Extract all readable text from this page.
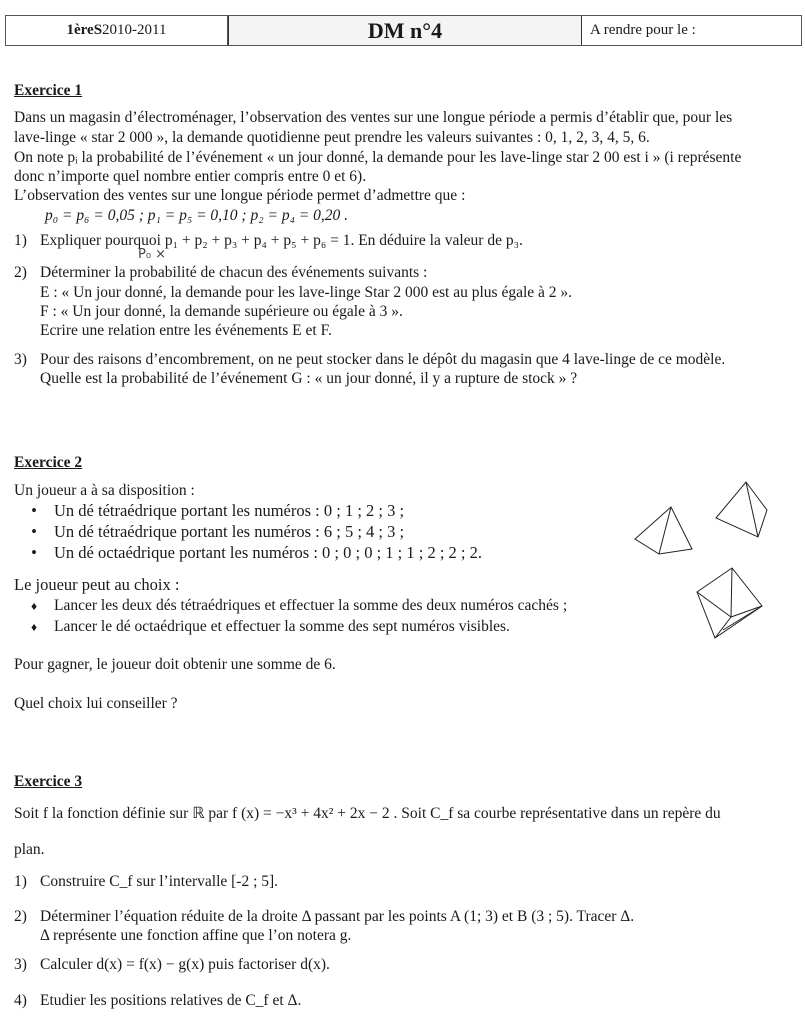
1èreS 2010-2011	DM n°4	A rendre pour le :
Exercice 1
Dans un magasin d’électroménager, l’observation des ventes sur une longue période a permis d’établir que, pour les
lave-linge « star 2 000 », la demande quotidienne peut prendre les valeurs suivantes : 0, 1, 2, 3, 4, 5, 6.
On note pᵢ la probabilité de l’événement « un jour donné, la demande pour les lave-linge star 2 00 est i » (i représente
donc n’importe quel nombre entier compris entre 0 et 6).
L’observation des ventes sur une longue période permet d’admettre que :
p₀ = p₆ = 0,05 ; p₁ = p₅ = 0,10 ; p₂ = p₄ = 0,20 .
1) Expliquer pourquoi p₁ + p₂ + p₃ + p₄ + p₅ + p₆ = 1. En déduire la valeur de p₃.
P₀ ×
2) Déterminer la probabilité de chacun des événements suivants :
E : « Un jour donné, la demande pour les lave-linge Star 2 000 est au plus égale à 2 ».
F : « Un jour donné, la demande supérieure ou égale à 3 ».
Ecrire une relation entre les événements E et F.
3) Pour des raisons d’encombrement, on ne peut stocker dans le dépôt du magasin que 4 lave-linge de ce modèle.
Quelle est la probabilité de l’événement G : « un jour donné, il y a rupture de stock » ?
Exercice 2
Un joueur a à sa disposition :
• Un dé tétraédrique portant les numéros : 0 ; 1 ; 2 ; 3 ;
• Un dé tétraédrique portant les numéros : 6 ; 5 ; 4 ; 3 ;
• Un dé octaédrique portant les numéros : 0 ; 0 ; 0 ; 1 ; 1 ; 2 ; 2 ; 2.
Le joueur peut au choix :
♦ Lancer les deux dés tétraédriques et effectuer la somme des deux numéros cachés ;
♦ Lancer le dé octaédrique et effectuer la somme des sept numéros visibles.
Pour gagner, le joueur doit obtenir une somme de 6.
Quel choix lui conseiller ?
Exercice 3
Soit f la fonction définie sur ℝ par f (x) = −x³ + 4x² + 2x − 2 . Soit C_f sa courbe représentative dans un repère du
plan.
1) Construire C_f sur l’intervalle [-2 ; 5].
2) Déterminer l’équation réduite de la droite Δ passant par les points A (1; 3) et B (3 ; 5). Tracer Δ.
Δ représente une fonction affine que l’on notera g.
3) Calculer d(x) = f(x) − g(x) puis factoriser d(x).
4) Etudier les positions relatives de C_f et Δ.
